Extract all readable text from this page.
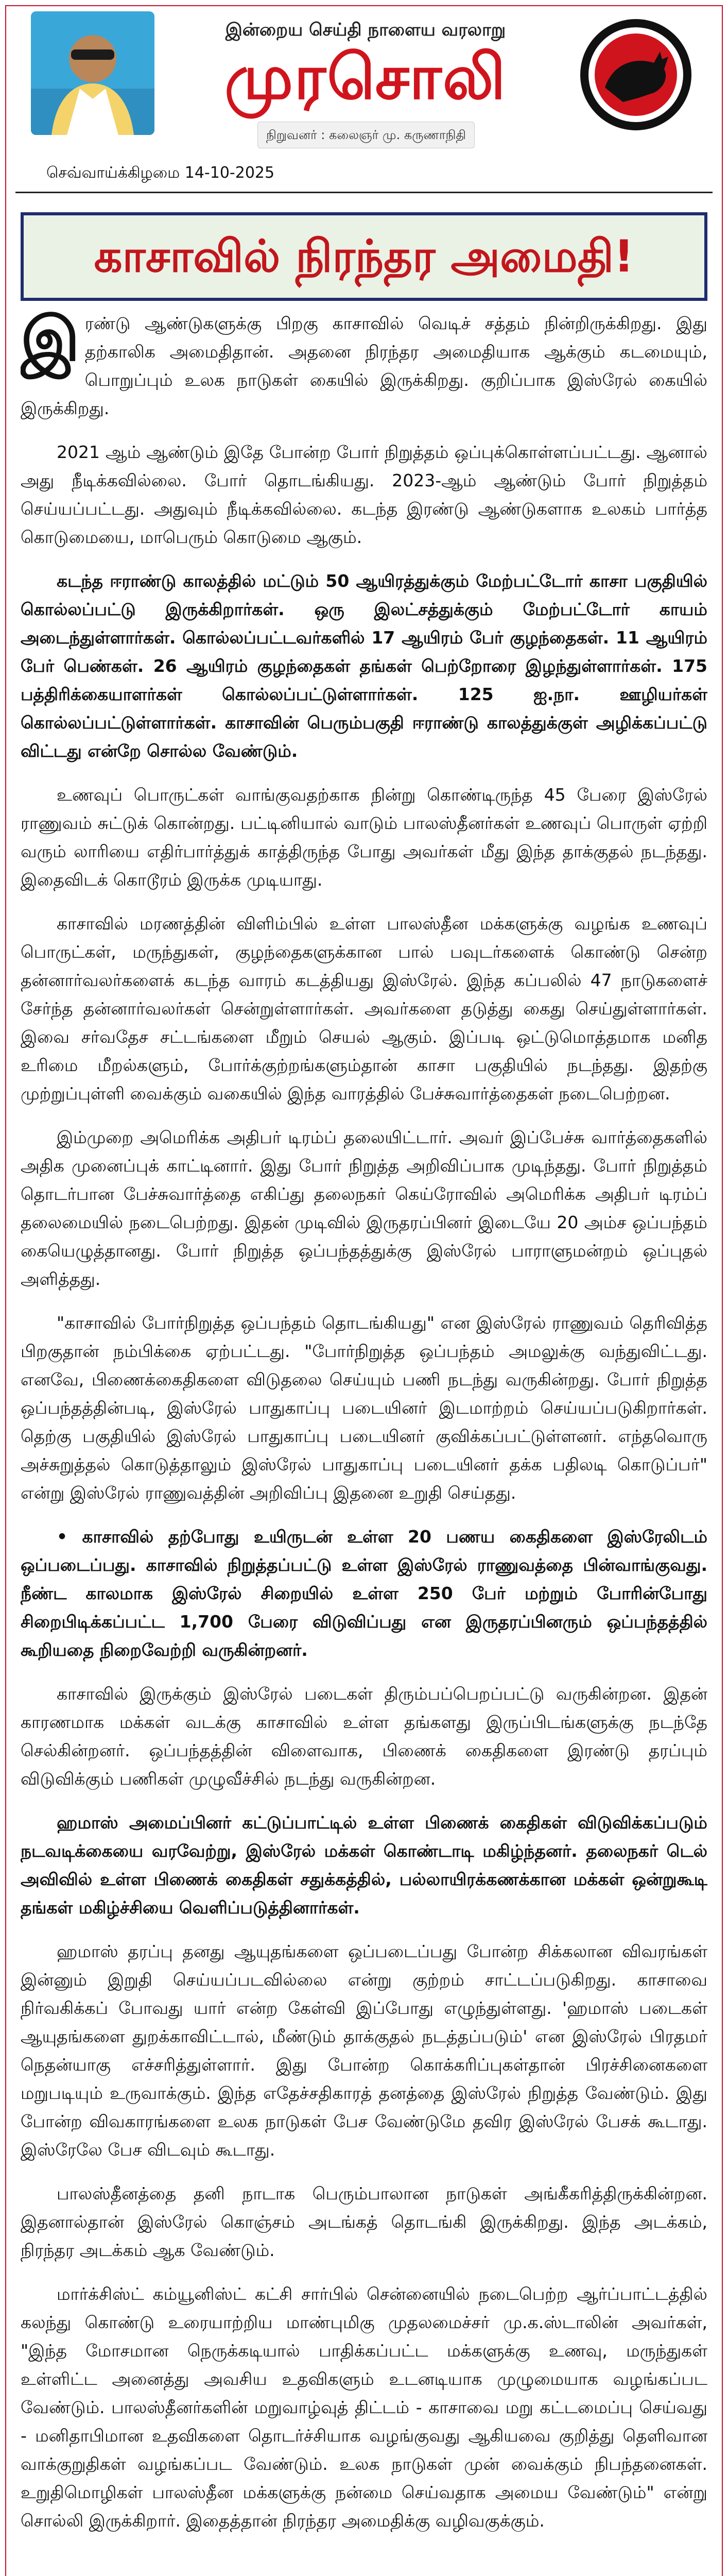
இன்றைய செய்தி நாளைய வரலாறு
முரசொலி
நிறுவனர் : கலைஞர் மு. கருணாநிதி
செவ்வாய்க்கிழமை 14-10-2025
காசாவில் நிரந்தர அமைதி!

இரண்டு ஆண்டுகளுக்கு பிறகு காசாவில் வெடிச் சத்தம் நின்றிருக்கிறது. இது தற்காலிக அமைதிதான். அதனை நிரந்தர அமைதியாக ஆக்கும் கடமையும், பொறுப்பும் உலக நாடுகள் கையில் இருக்கிறது. குறிப்பாக இஸ்ரேல் கையில் இருக்கிறது.

2021 ஆம் ஆண்டும் இதே போன்ற போர் நிறுத்தம் ஒப்புக்கொள்ளப்பட்டது. ஆனால் அது நீடிக்கவில்லை. போர் தொடங்கியது. 2023-ஆம் ஆண்டும் போர் நிறுத்தம் செய்யப்பட்டது. அதுவும் நீடிக்கவில்லை. கடந்த இரண்டு ஆண்டுகளாக உலகம் பார்த்த கொடுமையை, மாபெரும் கொடுமை ஆகும்.

கடந்த ஈராண்டு காலத்தில் மட்டும் 50 ஆயிரத்துக்கும் மேற்பட்டோர் காசா பகுதியில் கொல்லப்பட்டு இருக்கிறார்கள். ஒரு இலட்சத்துக்கும் மேற்பட்டோர் காயம் அடைந்துள்ளார்கள். கொல்லப்பட்டவர்களில் 17 ஆயிரம் பேர் குழந்தைகள். 11 ஆயிரம் பேர் பெண்கள். 26 ஆயிரம் குழந்தைகள் தங்கள் பெற்றோரை இழந்துள்ளார்கள். 175 பத்திரிக்கையாளர்கள் கொல்லப்பட்டுள்ளார்கள். 125 ஐ.நா. ஊழியர்கள் கொல்லப்பட்டுள்ளார்கள். காசாவின் பெரும்பகுதி ஈராண்டு காலத்துக்குள் அழிக்கப்பட்டு விட்டது என்றே சொல்ல வேண்டும்.

உணவுப் பொருட்கள் வாங்குவதற்காக நின்று கொண்டிருந்த 45 பேரை இஸ்ரேல் ராணுவம் சுட்டுக் கொன்றது. பட்டினியால் வாடும் பாலஸ்தீனர்கள் உணவுப் பொருள் ஏற்றி வரும் லாரியை எதிர்பார்த்துக் காத்திருந்த போது அவர்கள் மீது இந்த தாக்குதல் நடந்தது. இதைவிடக் கொடூரம் இருக்க முடியாது.

காசாவில் மரணத்தின் விளிம்பில் உள்ள பாலஸ்தீன மக்களுக்கு வழங்க உணவுப் பொருட்கள், மருந்துகள், குழந்தைகளுக்கான பால் பவுடர்களைக் கொண்டு சென்ற தன்னார்வலர்களைக் கடந்த வாரம் கடத்தியது இஸ்ரேல். இந்த கப்பலில் 47 நாடுகளைச் சேர்ந்த தன்னார்வலர்கள் சென்றுள்ளார்கள். அவர்களை தடுத்து கைது செய்துள்ளார்கள். இவை சர்வதேச சட்டங்களை மீறும் செயல் ஆகும். இப்படி ஒட்டுமொத்தமாக மனித உரிமை மீறல்களும், போர்க்குற்றங்களும்தான் காசா பகுதியில் நடந்தது. இதற்கு முற்றுப்புள்ளி வைக்கும் வகையில் இந்த வாரத்தில் பேச்சுவார்த்தைகள் நடைபெற்றன.

இம்முறை அமெரிக்க அதிபர் டிரம்ப் தலையிட்டார். அவர் இப்பேச்சு வார்த்தைகளில் அதிக முனைப்புக் காட்டினார். இது போர் நிறுத்த அறிவிப்பாக முடிந்தது. போர் நிறுத்தம் தொடர்பான பேச்சுவார்த்தை எகிப்து தலைநகர் கெய்ரோவில் அமெரிக்க அதிபர் டிரம்ப் தலைமையில் நடைபெற்றது. இதன் முடிவில் இருதரப்பினர் இடையே 20 அம்ச ஒப்பந்தம் கையெழுத்தானது. போர் நிறுத்த ஒப்பந்தத்துக்கு இஸ்ரேல் பாராளுமன்றம் ஒப்புதல் அளித்தது.

"காசாவில் போர்நிறுத்த ஒப்பந்தம் தொடங்கியது" என இஸ்ரேல் ராணுவம் தெரிவித்த பிறகுதான் நம்பிக்கை ஏற்பட்டது. "போர்நிறுத்த ஒப்பந்தம் அமலுக்கு வந்துவிட்டது. எனவே, பிணைக்கைதிகளை விடுதலை செய்யும் பணி நடந்து வருகின்றது. போர் நிறுத்த ஒப்பந்தத்தின்படி, இஸ்ரேல் பாதுகாப்பு படையினர் இடமாற்றம் செய்யப்படுகிறார்கள். தெற்கு பகுதியில் இஸ்ரேல் பாதுகாப்பு படையினர் குவிக்கப்பட்டுள்ளனர். எந்தவொரு அச்சுறுத்தல் கொடுத்தாலும் இஸ்ரேல் பாதுகாப்பு படையினர் தக்க பதிலடி கொடுப்பர்" என்று இஸ்ரேல் ராணுவத்தின் அறிவிப்பு இதனை உறுதி செய்தது.

• காசாவில் தற்போது உயிருடன் உள்ள 20 பணய கைதிகளை இஸ்ரேலிடம் ஒப்படைப்பது. காசாவில் நிறுத்தப்பட்டு உள்ள இஸ்ரேல் ராணுவத்தை பின்வாங்குவது. நீண்ட காலமாக இஸ்ரேல் சிறையில் உள்ள 250 பேர் மற்றும் போரின்போது சிறைபிடிக்கப்பட்ட 1,700 பேரை விடுவிப்பது என இருதரப்பினரும் ஒப்பந்தத்தில் கூறியதை நிறைவேற்றி வருகின்றனர்.

காசாவில் இருக்கும் இஸ்ரேல் படைகள் திரும்பப்பெறப்பட்டு வருகின்றன. இதன் காரணமாக மக்கள் வடக்கு காசாவில் உள்ள தங்களது இருப்பிடங்களுக்கு நடந்தே செல்கின்றனர். ஒப்பந்தத்தின் விளைவாக, பிணைக் கைதிகளை இரண்டு தரப்பும் விடுவிக்கும் பணிகள் முழுவீச்சில் நடந்து வருகின்றன.

ஹமாஸ் அமைப்பினர் கட்டுப்பாட்டில் உள்ள பிணைக் கைதிகள் விடுவிக்கப்படும் நடவடிக்கையை வரவேற்று, இஸ்ரேல் மக்கள் கொண்டாடி மகிழ்ந்தனர். தலைநகர் டெல் அவிவில் உள்ள பிணைக் கைதிகள் சதுக்கத்தில், பல்லாயிரக்கணக்கான மக்கள் ஒன்றுகூடி தங்கள் மகிழ்ச்சியை வெளிப்படுத்தினார்கள்.

ஹமாஸ் தரப்பு தனது ஆயுதங்களை ஒப்படைப்பது போன்ற சிக்கலான விவரங்கள் இன்னும் இறுதி செய்யப்படவில்லை என்று குற்றம் சாட்டப்படுகிறது. காசாவை நிர்வகிக்கப் போவது யார் என்ற கேள்வி இப்போது எழுந்துள்ளது. 'ஹமாஸ் படைகள் ஆயுதங்களை துறக்காவிட்டால், மீண்டும் தாக்குதல் நடத்தப்படும்' என இஸ்ரேல் பிரதமர் நெதன்யாகு எச்சரித்துள்ளார். இது போன்ற கொக்கரிப்புகள்தான் பிரச்சினைகளை மறுபடியும் உருவாக்கும். இந்த எதேச்சதிகாரத் தனத்தை இஸ்ரேல் நிறுத்த வேண்டும். இது போன்ற விவகாரங்களை உலக நாடுகள் பேச வேண்டுமே தவிர இஸ்ரேல் பேசக் கூடாது. இஸ்ரேலே பேச விடவும் கூடாது.

பாலஸ்தீனத்தை தனி நாடாக பெரும்பாலான நாடுகள் அங்கீகரித்திருக்கின்றன. இதனால்தான் இஸ்ரேல் கொஞ்சம் அடங்கத் தொடங்கி இருக்கிறது. இந்த அடக்கம், நிரந்தர அடக்கம் ஆக வேண்டும்.

மார்க்சிஸ்ட் கம்யூனிஸ்ட் கட்சி சார்பில் சென்னையில் நடைபெற்ற ஆர்ப்பாட்டத்தில் கலந்து கொண்டு உரையாற்றிய மாண்புமிகு முதலமைச்சர் மு.க.ஸ்டாலின் அவர்கள், "இந்த மோசமான நெருக்கடியால் பாதிக்கப்பட்ட மக்களுக்கு உணவு, மருந்துகள் உள்ளிட்ட அனைத்து அவசிய உதவிகளும் உடனடியாக முழுமையாக வழங்கப்பட வேண்டும். பாலஸ்தீனர்களின் மறுவாழ்வுத் திட்டம் - காசாவை மறு கட்டமைப்பு செய்வது - மனிதாபிமான உதவிகளை தொடர்ச்சியாக வழங்குவது ஆகியவை குறித்து தெளிவான வாக்குறுதிகள் வழங்கப்பட வேண்டும். உலக நாடுகள் முன் வைக்கும் நிபந்தனைகள். உறுதிமொழிகள் பாலஸ்தீன மக்களுக்கு நன்மை செய்வதாக அமைய வேண்டும்" என்று சொல்லி இருக்கிறார். இதைத்தான் நிரந்தர அமைதிக்கு வழிவகுக்கும்.
